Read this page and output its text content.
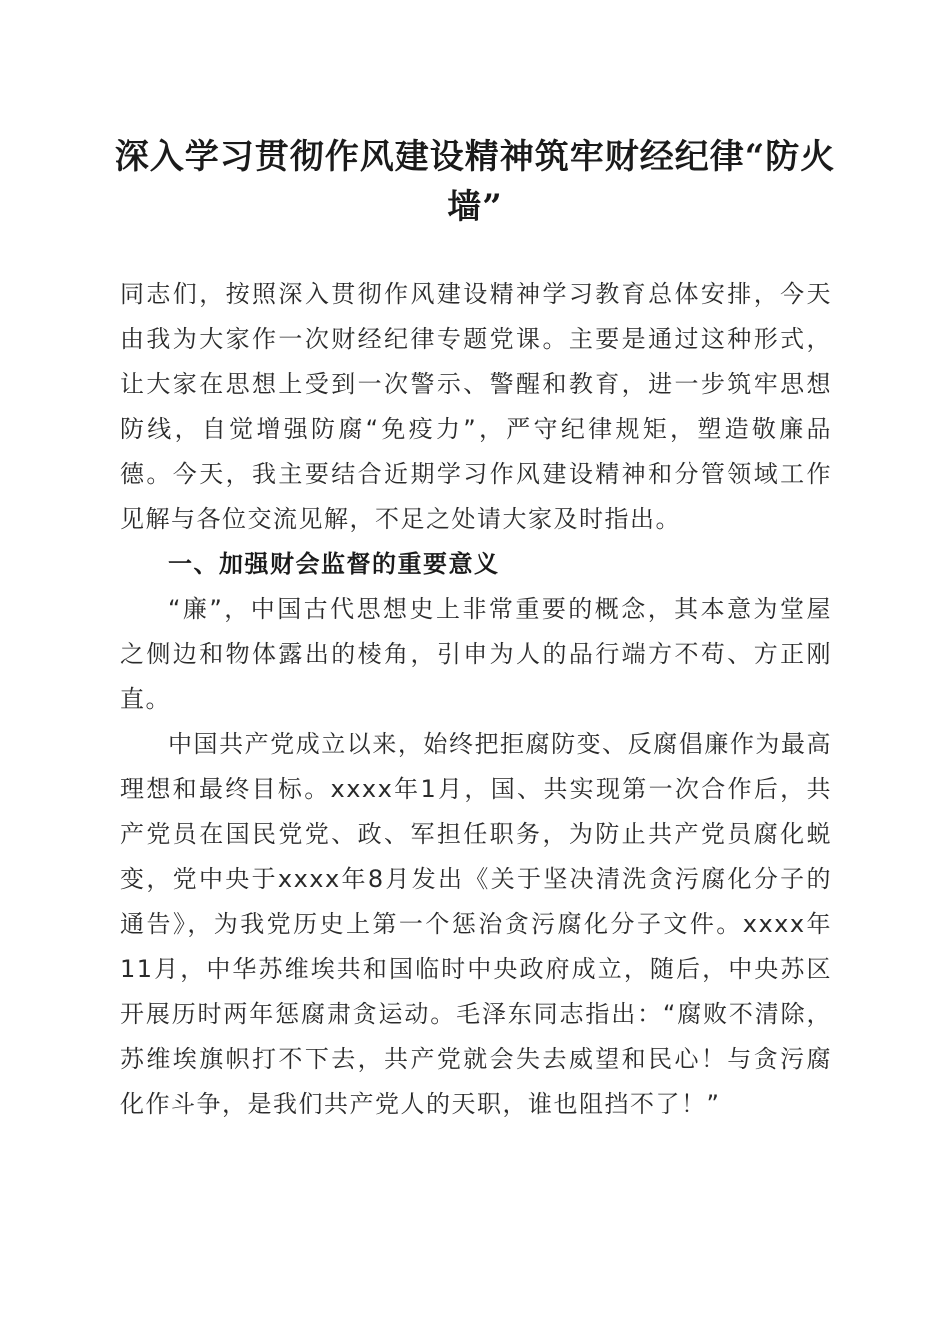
深入学习贯彻作风建设精神筑牢财经纪律“防火墙”

同志们，按照深入贯彻作风建设精神学习教育总体安排，今天由我为大家作一次财经纪律专题党课。主要是通过这种形式，让大家在思想上受到一次警示、警醒和教育，进一步筑牢思想防线，自觉增强防腐“免疫力”，严守纪律规矩，塑造敬廉品德。今天，我主要结合近期学习作风建设精神和分管领域工作见解与各位交流见解，不足之处请大家及时指出。

一、加强财会监督的重要意义

“廉”，中国古代思想史上非常重要的概念，其本意为堂屋之侧边和物体露出的棱角，引申为人的品行端方不苟、方正刚直。

中国共产党成立以来，始终把拒腐防变、反腐倡廉作为最高理想和最终目标。xxxx年1月，国、共实现第一次合作后，共产党员在国民党党、政、军担任职务，为防止共产党员腐化蜕变，党中央于xxxx年8月发出《关于坚决清洗贪污腐化分子的通告》，为我党历史上第一个惩治贪污腐化分子文件。xxxx年11月，中华苏维埃共和国临时中央政府成立，随后，中央苏区开展历时两年惩腐肃贪运动。毛泽东同志指出：“腐败不清除，苏维埃旗帜打不下去，共产党就会失去威望和民心！与贪污腐化作斗争，是我们共产党人的天职，谁也阻挡不了！”
